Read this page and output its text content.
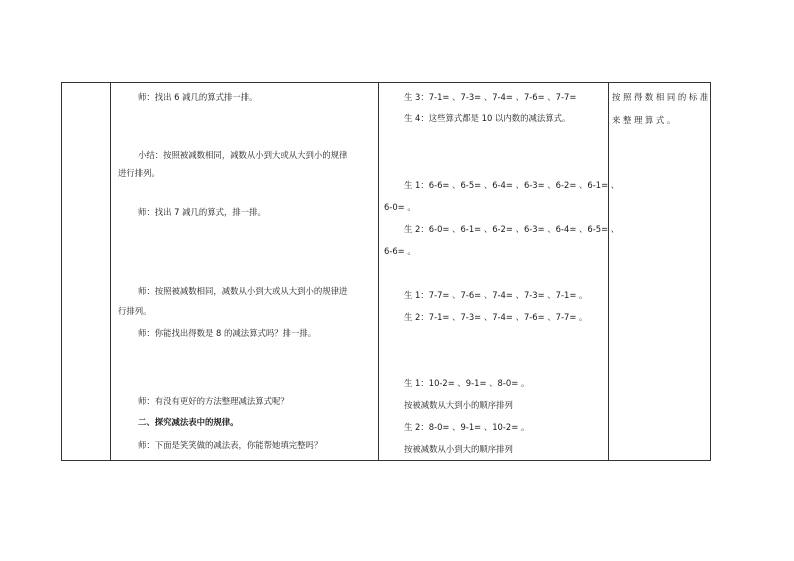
师：找出 6 减几的算式排一排。
小结：按照被减数相同，减数从小到大或从大到小的规律
进行排列。
师：找出 7 减几的算式，排一排。
师：按照被减数相同，减数从小到大或从大到小的规律进
行排列。
师：你能找出得数是 8 的减法算式吗？排一排。
师：有没有更好的方法整理减法算式呢？
二、探究减法表中的规律。
师：下面是笑笑做的减法表，你能帮她填完整吗？
生 3：7-1= 、7-3= 、7-4= 、7-6= 、7-7=
生 4：这些算式都是 10 以内数的减法算式。
生 1：6-6= 、6-5= 、6-4= 、6-3= 、6-2= 、6-1= 、
6-0= 。
生 2：6-0= 、6-1= 、6-2= 、6-3= 、6-4= 、6-5= 、
6-6= 。
生 1：7-7= 、7-6= 、7-4= 、7-3= 、7-1= 。
生 2：7-1= 、7-3= 、7-4= 、7-6= 、7-7= 。
生 1：10-2= 、9-1= 、8-0= 。
按被减数从大到小的顺序排列
生 2：8-0= 、9-1= 、10-2= 。
按被减数从小到大的顺序排列
按照得数相同的标准
来整理算式。
